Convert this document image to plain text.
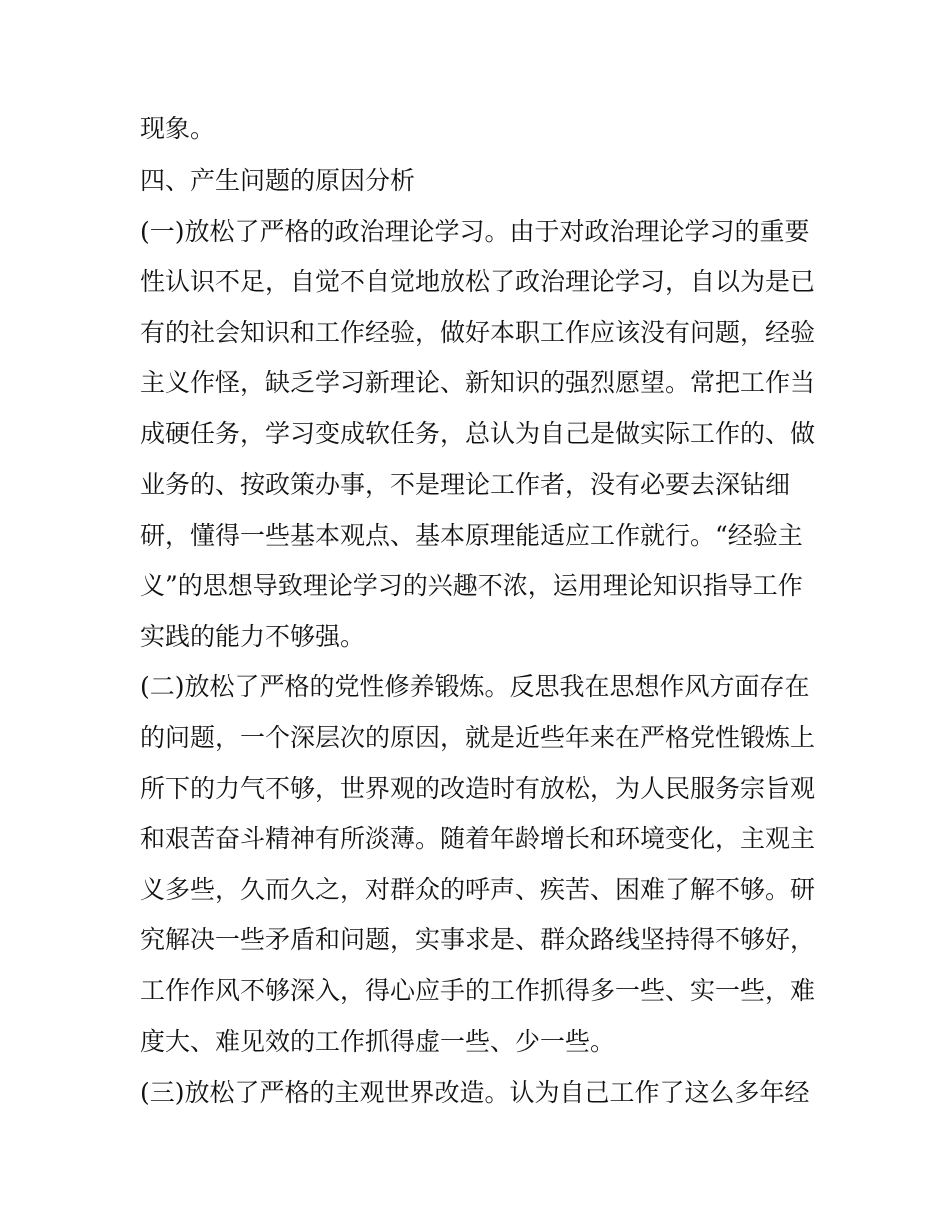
现象。
四、产生问题的原因分析
(一)放松了严格的政治理论学习。由于对政治理论学习的重要
性认识不足，自觉不自觉地放松了政治理论学习，自以为是已
有的社会知识和工作经验，做好本职工作应该没有问题，经验
主义作怪，缺乏学习新理论、新知识的强烈愿望。常把工作当
成硬任务，学习变成软任务，总认为自己是做实际工作的、做
业务的、按政策办事，不是理论工作者，没有必要去深钻细
研，懂得一些基本观点、基本原理能适应工作就行。“经验主
义”的思想导致理论学习的兴趣不浓，运用理论知识指导工作
实践的能力不够强。
(二)放松了严格的党性修养锻炼。反思我在思想作风方面存在
的问题，一个深层次的原因，就是近些年来在严格党性锻炼上
所下的力气不够，世界观的改造时有放松，为人民服务宗旨观
和艰苦奋斗精神有所淡薄。随着年龄增长和环境变化，主观主
义多些，久而久之，对群众的呼声、疾苦、困难了解不够。研
究解决一些矛盾和问题，实事求是、群众路线坚持得不够好，
工作作风不够深入，得心应手的工作抓得多一些、实一些，难
度大、难见效的工作抓得虚一些、少一些。
(三)放松了严格的主观世界改造。认为自己工作了这么多年经
